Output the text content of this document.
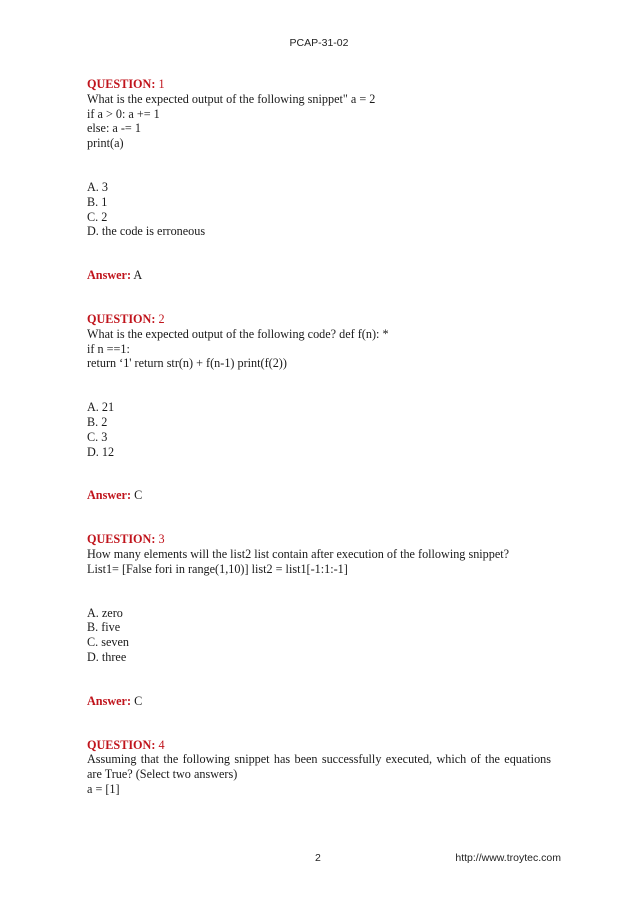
PCAP-31-02
QUESTION: 1
What is the expected output of the following snippet" a = 2
if a > 0: a += 1
else: a -= 1
print(a)
A. 3
B. 1
C. 2
D. the code is erroneous
Answer: A
QUESTION: 2
What is the expected output of the following code? def f(n): *
if n ==1:
return ‘1' return str(n) + f(n-1) print(f(2))
A. 21
B. 2
C. 3
D. 12
Answer: C
QUESTION: 3
How many elements will the list2 list contain after execution of the following snippet?
List1= [False fori in range(1,10)] list2 = list1[-1:1:-1]
A. zero
B. five
C. seven
D. three
Answer: C
QUESTION: 4
Assuming that the following snippet has been successfully executed, which of the equations are True? (Select two answers)
a = [1]
2	http://www.troytec.com
